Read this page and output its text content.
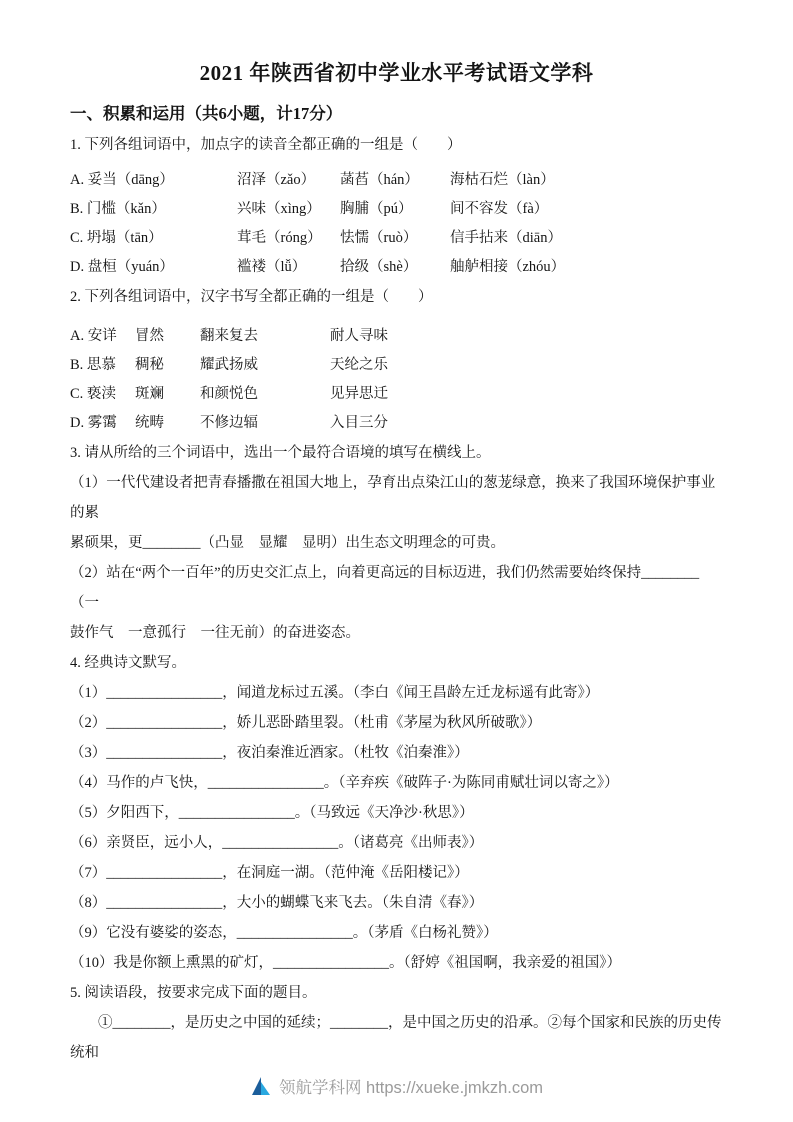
2021 年陕西省初中学业水平考试语文学科
一、积累和运用（共6小题，计17分）
1. 下列各组词语中，加点字的读音全都正确的一组是（　　）
A. 妥当（dāng）	沼泽（zǎo）	菡萏（hán）	海枯石烂（làn）
B. 门槛（kǎn）	兴味（xìng）	胸脯（pú）	间不容发（fà）
C. 坍塌（tān）	茸毛（róng）	怯懦（ruò）	信手拈来（diān）
D. 盘桓（yuán）	褴褛（lǚ）	拾级（shè）	舳舻相接（zhóu）
2. 下列各组词语中，汉字书写全都正确的一组是（　　）
A. 安详	冒然	翻来复去	耐人寻味
B. 思慕	稠秘	耀武扬威	天纶之乐
C. 亵渎	斑斓	和颜悦色	见异思迁
D. 雾霭	统畴	不修边辐	入目三分
3. 请从所给的三个词语中，选出一个最符合语境的填写在横线上。
（1）一代代建设者把青春播撒在祖国大地上，孕育出点染江山的葱茏绿意，换来了我国环境保护事业的累
累硕果，更________（凸显　显耀　显明）出生态文明理念的可贵。
（2）站在“两个一百年”的历史交汇点上，向着更高远的目标迈进，我们仍然需要始终保持________（一
鼓作气　一意孤行　一往无前）的奋进姿态。
4. 经典诗文默写。
（1）________________，闻道龙标过五溪。（李白《闻王昌龄左迁龙标遥有此寄》）
（2）________________，娇儿恶卧踏里裂。（杜甫《茅屋为秋风所破歌》）
（3）________________，夜泊秦淮近酒家。（杜牧《泊秦淮》）
（4）马作的卢飞快，________________。（辛弃疾《破阵子·为陈同甫赋壮词以寄之》）
（5）夕阳西下，________________。（马致远《天净沙·秋思》）
（6）亲贤臣，远小人，________________。（诸葛亮《出师表》）
（7）________________，在洞庭一湖。（范仲淹《岳阳楼记》）
（8）________________，大小的蝴蝶飞来飞去。（朱自清《春》）
（9）它没有婆娑的姿态，________________。（茅盾《白杨礼赞》）
（10）我是你额上熏黑的矿灯，________________。（舒婷《祖国啊，我亲爱的祖国》）
5. 阅读语段，按要求完成下面的题目。
①________，是历史之中国的延续；________，是中国之历史的沿承。②每个国家和民族的历史传统和
领航学科网 https://xueke.jmkzh.com
